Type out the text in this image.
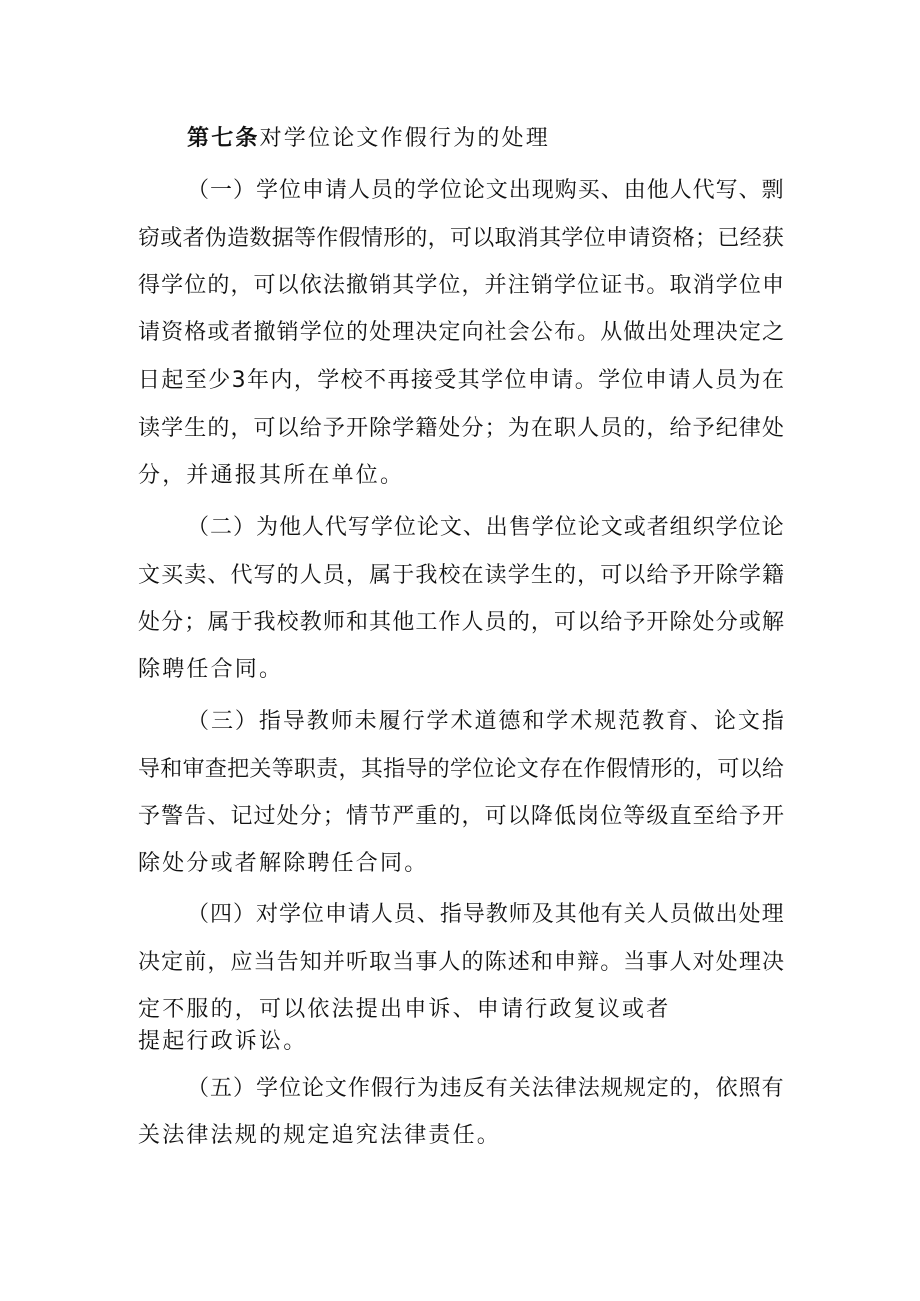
第七条对学位论文作假行为的处理
（ 一 ） 学 位 申 请 人 员 的 学 位 论 文 出 现 购 买 、 由 他 人 代 写 、 剽
窃 或 者 伪 造 数 据 等 作 假 情 形 的 ， 可 以 取 消 其 学 位 申 请 资 格 ； 已 经 获
得 学 位 的 ， 可 以 依 法 撤 销 其 学 位 ， 并 注 销 学 位 证 书 。 取 消 学 位 申
请 资 格 或 者 撤 销 学 位 的 处 理 决 定 向 社 会 公 布 。 从 做 出 处 理 决 定 之
日 起 至 少 3 年 内 ， 学 校 不 再 接 受 其 学 位 申 请 。 学 位 申 请 人 员 为 在
读 学 生 的 ， 可 以 给 予 开 除 学 籍 处 分 ； 为 在 职 人 员 的 ， 给 予 纪 律 处
分，并通报其所在单位。
（ 二 ） 为 他 人 代 写 学 位 论 文 、 出 售 学 位 论 文 或 者 组 织 学 位 论
文 买 卖 、 代 写 的 人 员 ， 属 于 我 校 在 读 学 生 的 ， 可 以 给 予 开 除 学 籍
处 分 ； 属 于 我 校 教 师 和 其 他 工 作 人 员 的 ， 可 以 给 予 开 除 处 分 或 解
除聘任合同。
（ 三 ） 指 导 教 师 未 履 行 学 术 道 德 和 学 术 规 范 教 育 、 论 文 指
导 和 审 查 把 关 等 职 责 ， 其 指 导 的 学 位 论 文 存 在 作 假 情 形 的 ， 可 以 给
予 警 告 、 记 过 处 分 ； 情 节 严 重 的 ， 可 以 降 低 岗 位 等 级 直 至 给 予 开
除处分或者解除聘任合同。
（ 四 ） 对 学 位 申 请 人 员 、 指 导 教 师 及 其 他 有 关 人 员 做 出 处 理
决 定 前 ， 应 当 告 知 并 听 取 当 事 人 的 陈 述 和 申 辩 。 当 事 人 对 处 理 决
定不服的，可以依法提出申诉、申请行政复议或者
提起行政诉讼。
（ 五 ） 学 位 论 文 作 假 行 为 违 反 有 关 法 律 法 规 规 定 的 ， 依 照 有
关法律法规的规定追究法律责任。
